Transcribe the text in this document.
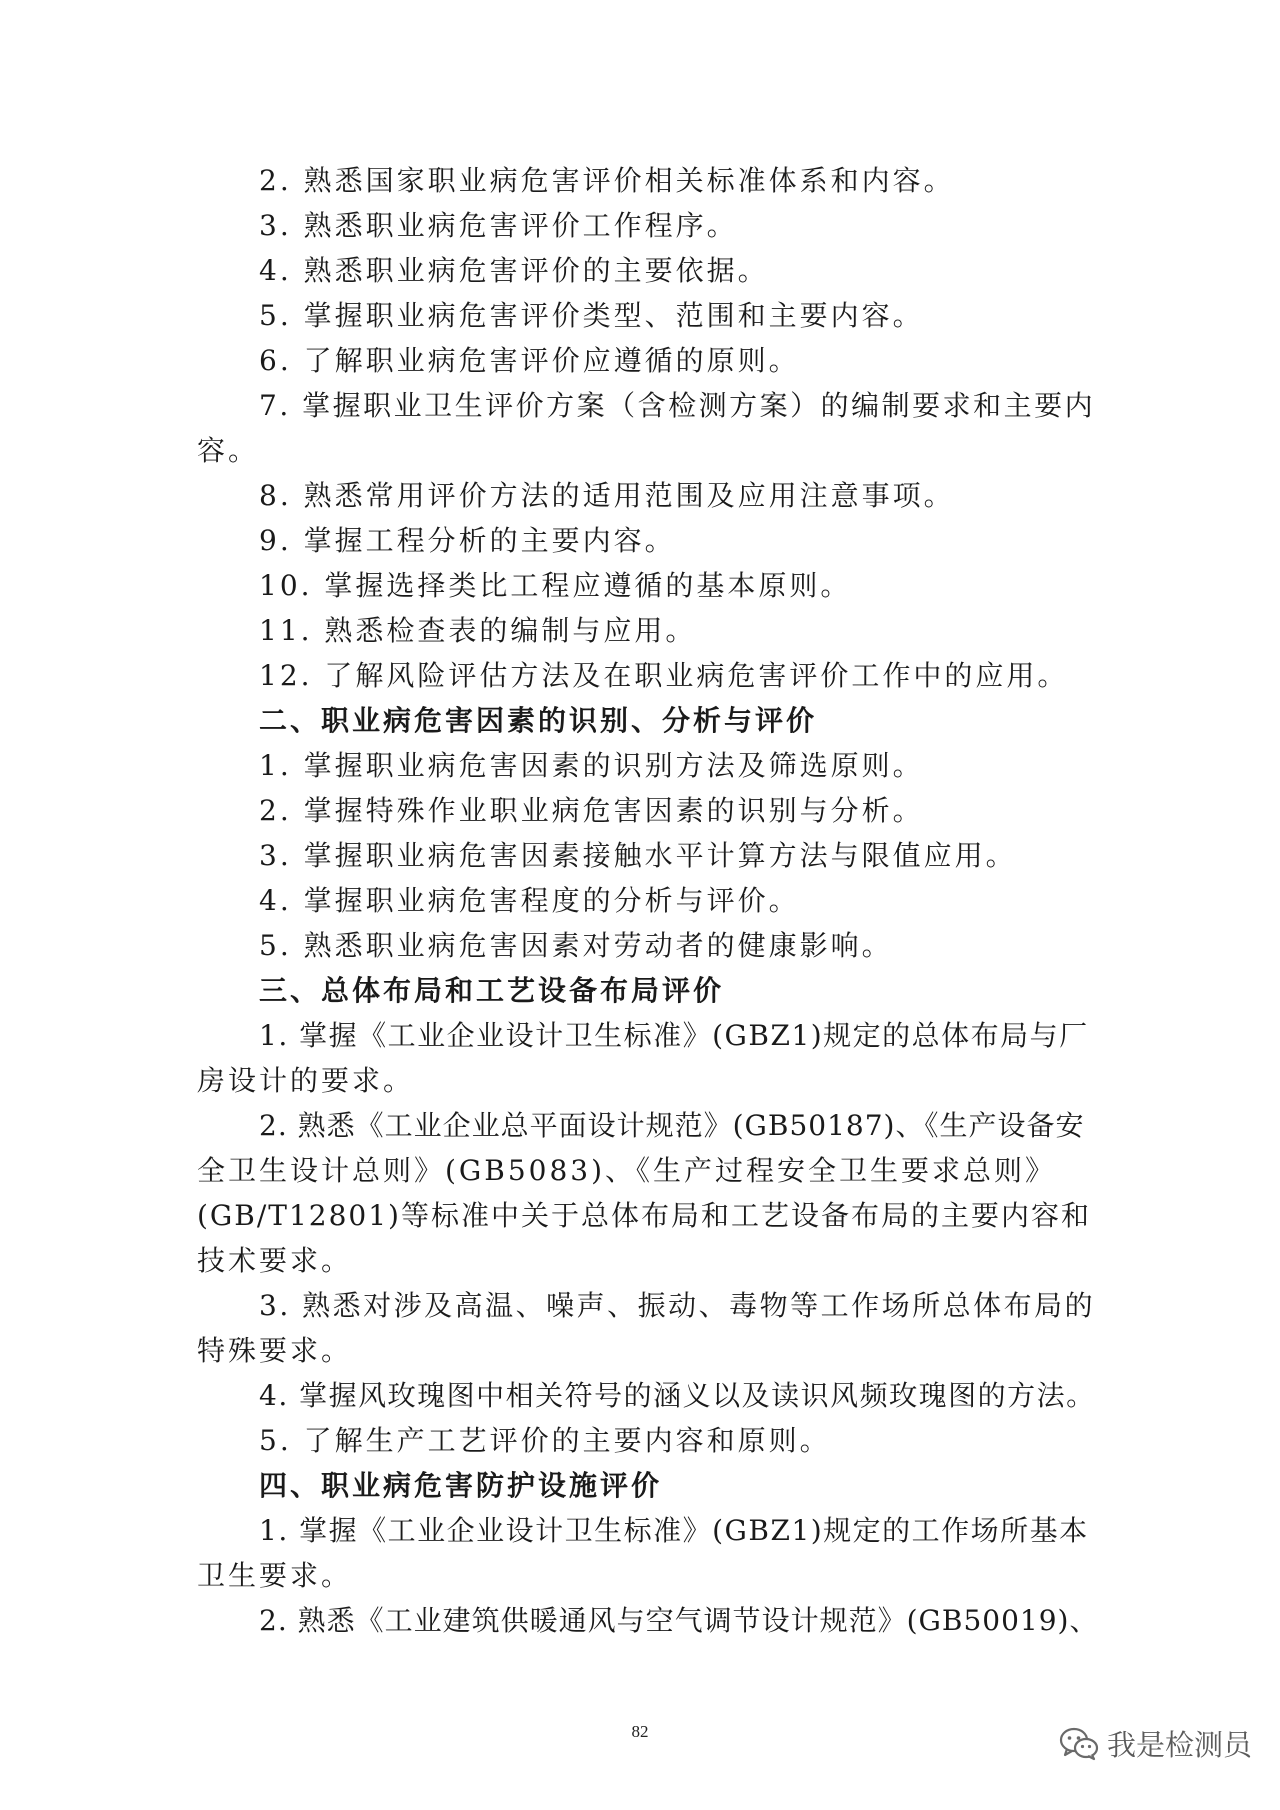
2. 熟悉国家职业病危害评价相关标准体系和内容。
3. 熟悉职业病危害评价工作程序。
4. 熟悉职业病危害评价的主要依据。
5. 掌握职业病危害评价类型、范围和主要内容。
6. 了解职业病危害评价应遵循的原则。
7. 掌握职业卫生评价方案（含检测方案）的编制要求和主要内
容。
8. 熟悉常用评价方法的适用范围及应用注意事项。
9. 掌握工程分析的主要内容。
10. 掌握选择类比工程应遵循的基本原则。
11. 熟悉检查表的编制与应用。
12. 了解风险评估方法及在职业病危害评价工作中的应用。
二、职业病危害因素的识别、分析与评价
1. 掌握职业病危害因素的识别方法及筛选原则。
2. 掌握特殊作业职业病危害因素的识别与分析。
3. 掌握职业病危害因素接触水平计算方法与限值应用。
4. 掌握职业病危害程度的分析与评价。
5. 熟悉职业病危害因素对劳动者的健康影响。
三、总体布局和工艺设备布局评价
1. 掌握《工业企业设计卫生标准》(GBZ1)规定的总体布局与厂
房设计的要求。
2. 熟悉《工业企业总平面设计规范》(GB50187)、《生产设备安
全卫生设计总则》(GB5083)、《生产过程安全卫生要求总则》
(GB/T12801)等标准中关于总体布局和工艺设备布局的主要内容和
技术要求。
3. 熟悉对涉及高温、噪声、振动、毒物等工作场所总体布局的
特殊要求。
4. 掌握风玫瑰图中相关符号的涵义以及读识风频玫瑰图的方法。
5. 了解生产工艺评价的主要内容和原则。
四、职业病危害防护设施评价
1. 掌握《工业企业设计卫生标准》(GBZ1)规定的工作场所基本
卫生要求。
2. 熟悉《工业建筑供暖通风与空气调节设计规范》(GB50019)、
82	我是检测员
